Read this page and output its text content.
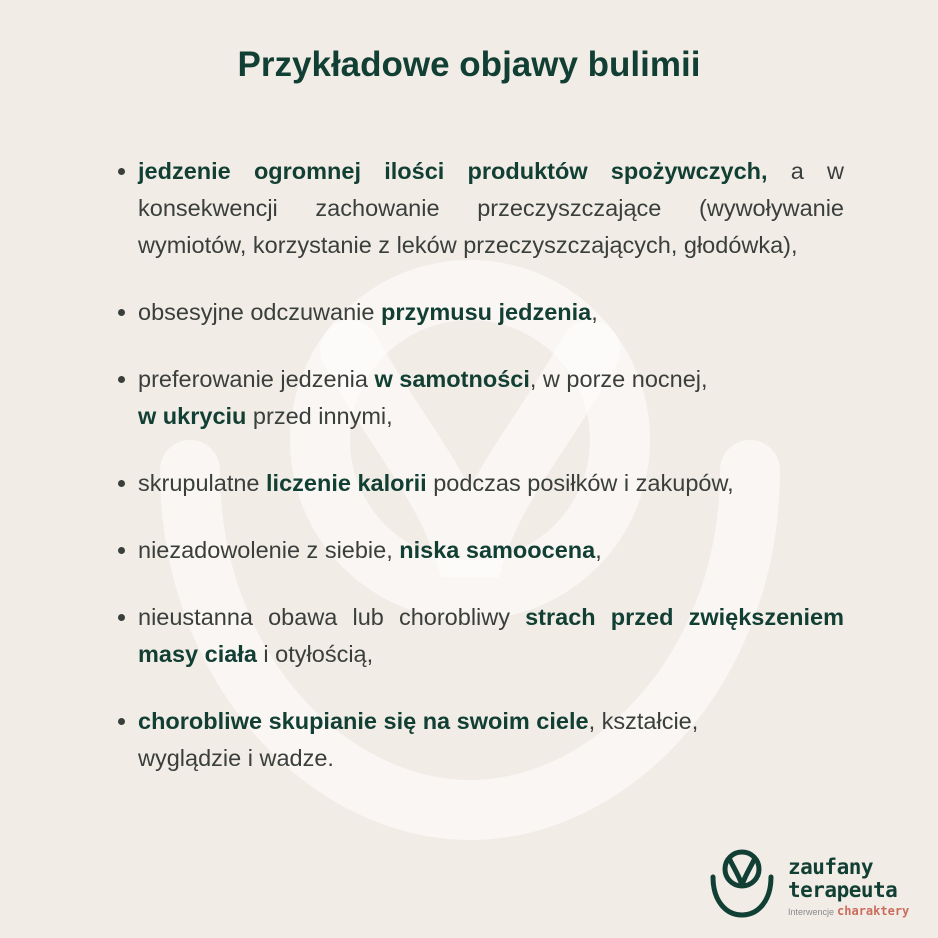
Przykładowe objawy bulimii
jedzenie ogromnej ilości produktów spożywczych, a w konsekwencji zachowanie przeczyszczające (wywoływanie wymiotów, korzystanie z leków przeczyszczających, głodówka),
obsesyjne odczuwanie przymusu jedzenia,
preferowanie jedzenia w samotności, w porze nocnej,
w ukryciu przed innymi,
skrupulatne liczenie kalorii podczas posiłków i zakupów,
niezadowolenie z siebie, niska samoocena,
nieustanna obawa lub chorobliwy strach przed zwiększeniem masy ciała i otyłością,
chorobliwe skupianie się na swoim ciele, kształcie,
wyglądzie i wadze.
zaufany
terapeuta
Interwencje charaktery
